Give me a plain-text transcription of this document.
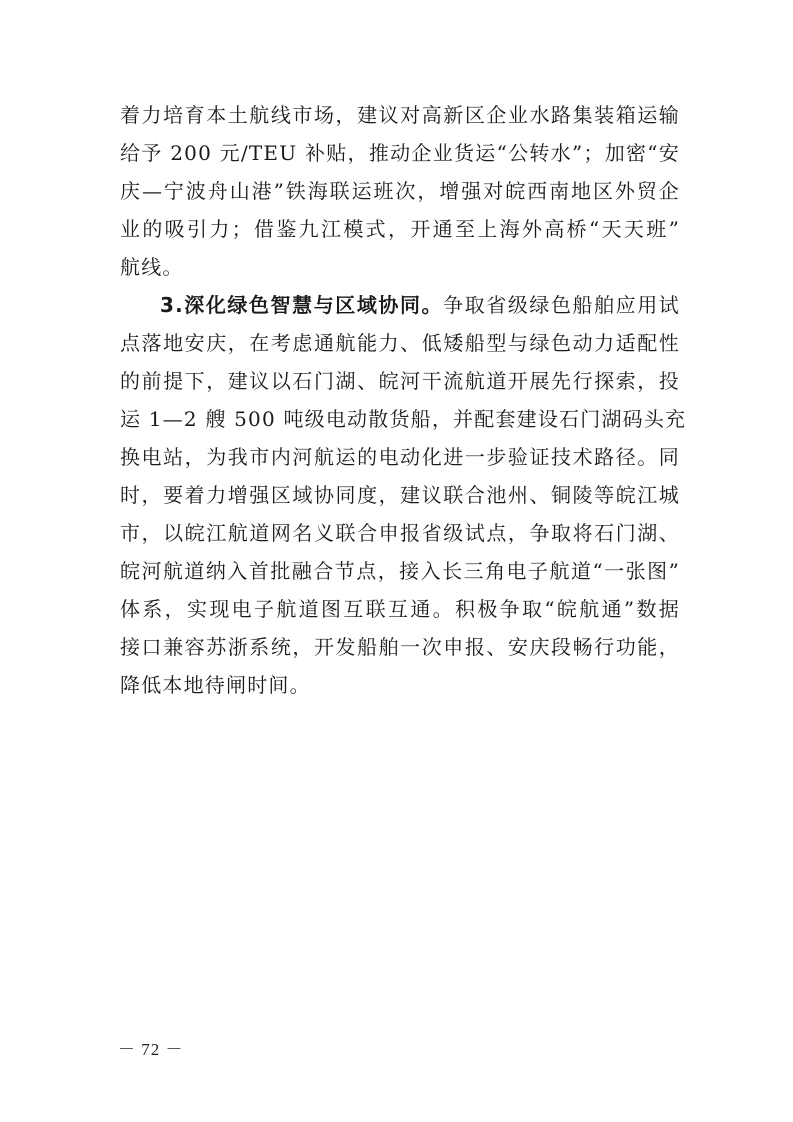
着力培育本土航线市场，建议对高新区企业水路集装箱运输
给予 200 元/TEU 补贴，推动企业货运“公转水”；加密“安
庆—宁波舟山港”铁海联运班次，增强对皖西南地区外贸企
业的吸引力；借鉴九江模式，开通至上海外高桥“天天班”
航线。
3.深化绿色智慧与区域协同。争取省级绿色船舶应用试
点落地安庆，在考虑通航能力、低矮船型与绿色动力适配性
的前提下，建议以石门湖、皖河干流航道开展先行探索，投
运 1—2 艘 500 吨级电动散货船，并配套建设石门湖码头充
换电站，为我市内河航运的电动化进一步验证技术路径。同
时，要着力增强区域协同度，建议联合池州、铜陵等皖江城
市，以皖江航道网名义联合申报省级试点，争取将石门湖、
皖河航道纳入首批融合节点，接入长三角电子航道“一张图”
体系，实现电子航道图互联互通。积极争取“皖航通”数据
接口兼容苏浙系统，开发船舶一次申报、安庆段畅行功能，
降低本地待闸时间。
－ 72 －
